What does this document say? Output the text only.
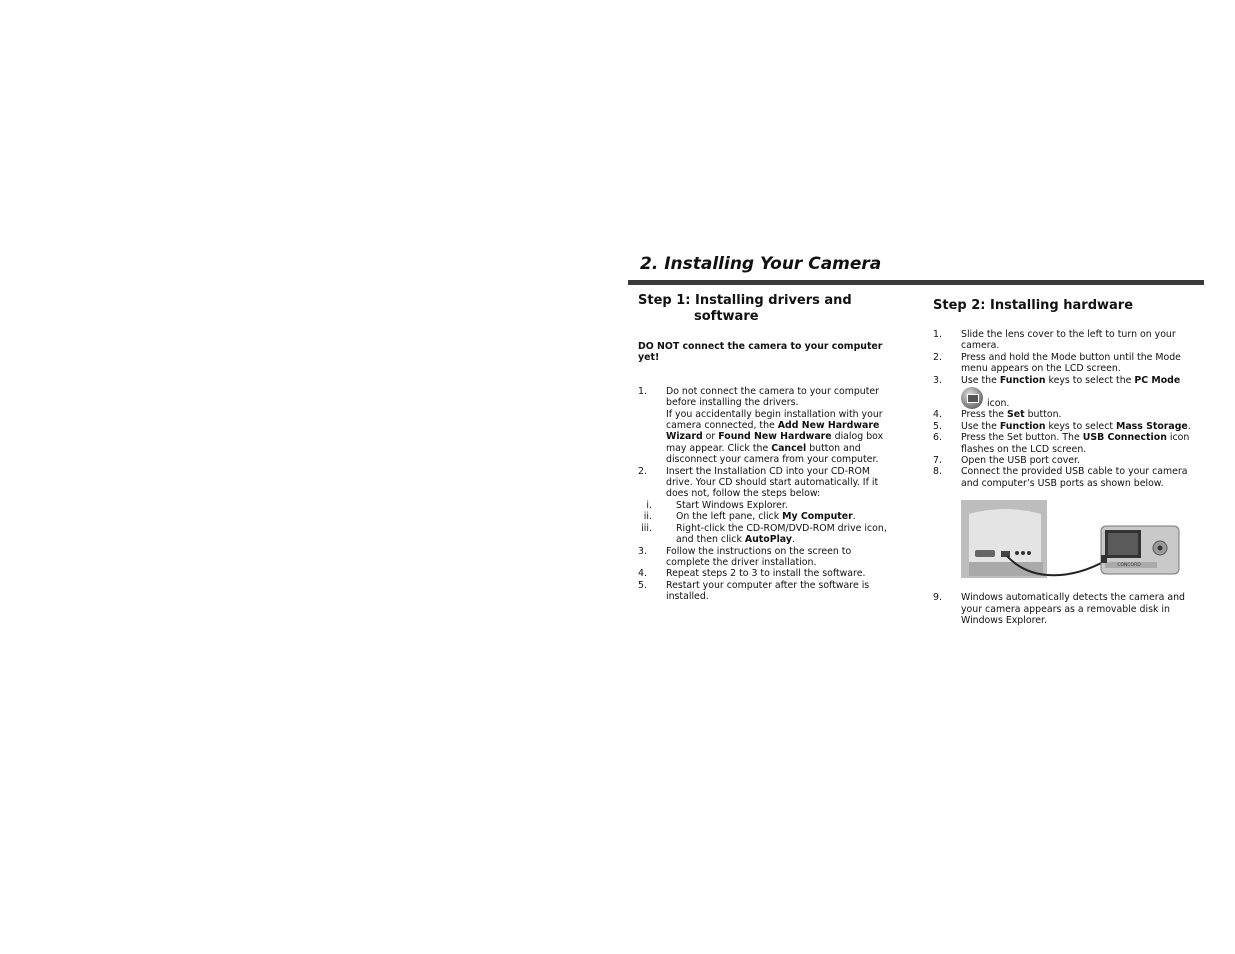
2. Installing Your Camera
Step 1: Installing drivers and
software
DO NOT connect the camera to your computer yet!
1. Do not connect the camera to your computer before installing the drivers.
If you accidentally begin installation with your camera connected, the Add New Hardware Wizard or Found New Hardware dialog box may appear. Click the Cancel button and disconnect your camera from your computer.
2. Insert the Installation CD into your CD-ROM drive. Your CD should start automatically. If it does not, follow the steps below:
i.	Start Windows Explorer.
ii.	On the left pane, click My Computer.
iii.	Right-click the CD-ROM/DVD-ROM drive icon, and then click AutoPlay.
3. Follow the instructions on the screen to complete the driver installation.
4. Repeat steps 2 to 3 to install the software.
5. Restart your computer after the software is installed.
Step 2: Installing hardware
1. Slide the lens cover to the left to turn on your camera.
2. Press and hold the Mode button until the Mode menu appears on the LCD screen.
3. Use the Function keys to select the PC Mode
icon.
4. Press the Set button.
5. Use the Function keys to select Mass Storage.
6. Press the Set button. The USB Connection icon flashes on the LCD screen.
7. Open the USB port cover.
8. Connect the provided USB cable to your camera and computer’s USB ports as shown below.
CONCORD
9. Windows automatically detects the camera and your camera appears as a removable disk in Windows Explorer.
